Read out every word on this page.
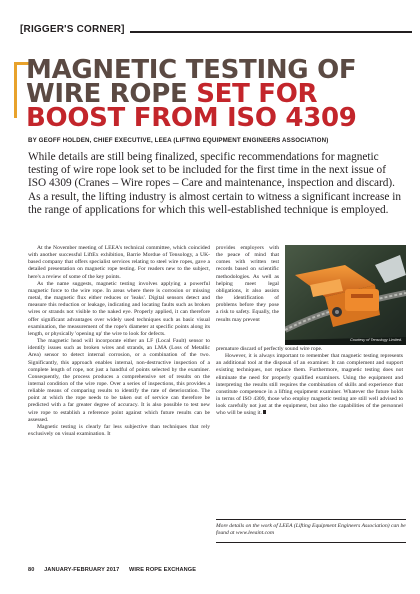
[RIGGER'S CORNER]
MAGNETIC TESTING OF
WIRE ROPE SET FOR
BOOST FROM ISO 4309
BY GEOFF HOLDEN, CHIEF EXECUTIVE, LEEA (LIFTING EQUIPMENT ENGINEERS ASSOCIATION)
While details are still being finalized, specific recommendations for magnetic testing of wire rope look set to be included for the first time in the next issue of ISO 4309 (Cranes – Wire ropes – Care and maintenance, inspection and discard). As a result, the lifting industry is almost certain to witness a significant increase in the range of applications for which this well-established technique is employed.

At the November meeting of LEEA's technical committee, which coincided with another successful LiftEx exhibition, Barrie Mordue of Tensology, a UK-based company that offers specialist services relating to steel wire ropes, gave a detailed presentation on magnetic rope testing. For readers new to the subject, here's a review of some of the key points.

As the name suggests, magnetic testing involves applying a powerful magnetic force to the wire rope. In areas where there is corrosion or missing metal, the magnetic flux either reduces or 'leaks'. Digital sensors detect and measure this reduction or leakage, indicating and locating faults such as broken wires or strands not visible to the naked eye. Properly applied, it can therefore offer significant advantages over widely used techniques such as basic visual examination, the measurement of the rope's diameter at specific points along its length, or physically 'opening up' the wire to look for defects.

The magnetic head will incorporate either an LF (Local Fault) sensor to identify issues such as broken wires and strands, an LMA (Loss of Metallic Area) sensor to detect internal corrosion, or a combination of the two. Significantly, this approach enables internal, non-destructive inspection of a complete length of rope, not just a handful of points selected by the examiner. Consequently, the process produces a comprehensive set of results on the internal condition of the wire rope. Over a series of inspections, this provides a reliable means of comparing results to identify the rate of deterioration. The point at which the rope needs to be taken out of service can therefore be predicted with a far greater degree of accuracy. It is also possible to test new wire rope to establish a reference point against which future results can be assessed.

Magnetic testing is clearly far less subjective than techniques that rely exclusively on visual examination. It

provides employers with the peace of mind that comes with written test records based on scientific methodologies. As well as helping meet legal obligations, it also assists the identification of problems before they pose a risk to safety. Equally, the results may prevent

Courtesy of Tensology Limited.

premature discard of perfectly sound wire rope.

However, it is always important to remember that magnetic testing represents an additional tool at the disposal of an examiner. It can complement and support existing techniques, not replace them. Furthermore, magnetic testing does not eliminate the need for properly qualified examiners. Using the equipment and interpreting the results still requires the combination of skills and experience that constitute competence in a lifting equipment examiner. Whatever the future holds in terms of ISO 4309, those who employ magnetic testing are still well advised to look carefully not just at the equipment, but also the capabilities of the personnel who will be using it.

More details on the work of LEEA (Lifting Equipment Engineers Association) can be found at www.leeaint.com
80 JANUARY-FEBRUARY 2017 WIRE ROPE EXCHANGE
